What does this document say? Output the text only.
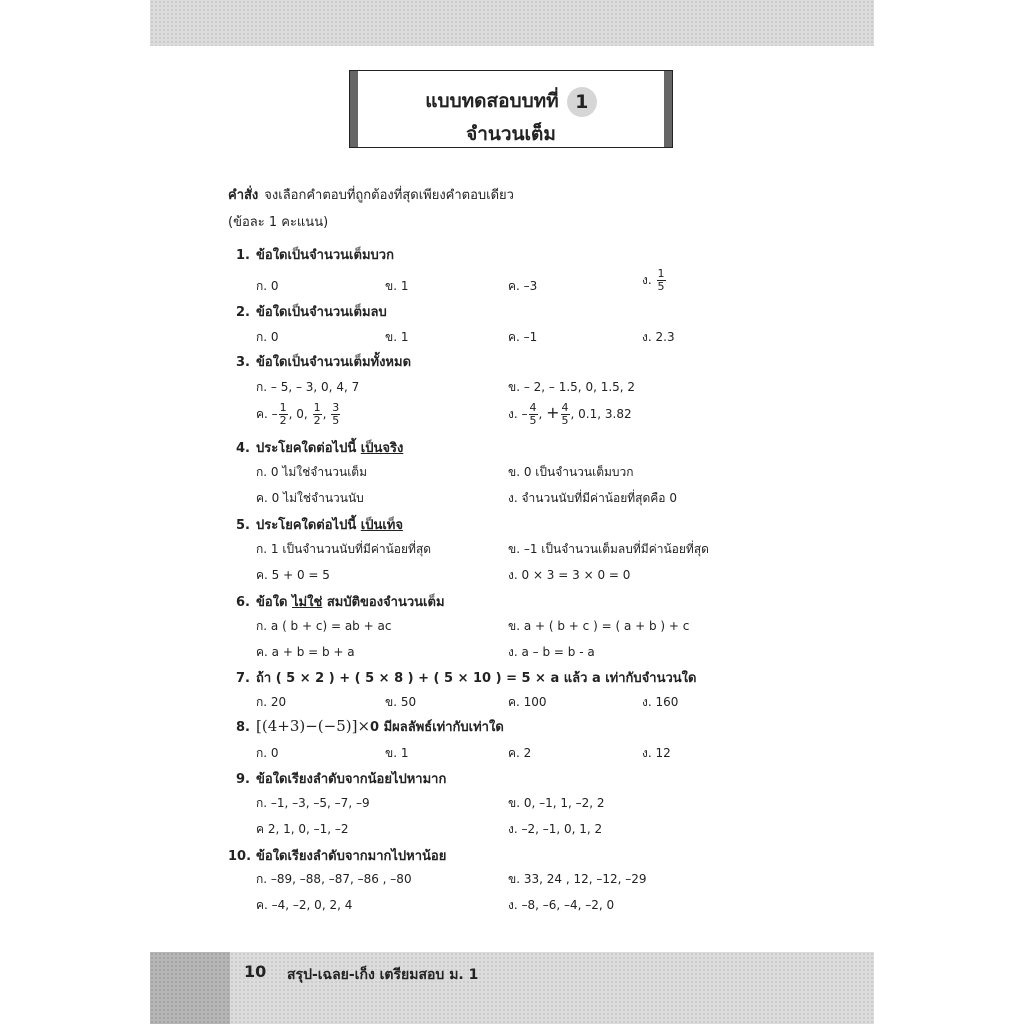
แบบทดสอบบทที่ 1
จำนวนเต็ม
คำสั่ง จงเลือกคำตอบที่ถูกต้องที่สุดเพียงคำตอบเดียว
(ข้อละ 1 คะแนน)
1. ข้อใดเป็นจำนวนเต็มบวก
ก. 0	ข. 1	ค. –3	ง. $\frac{1}{5}$
2. ข้อใดเป็นจำนวนเต็มลบ
ก. 0	ข. 1	ค. –1	ง. 2.3
3. ข้อใดเป็นจำนวนเต็มทั้งหมด
ก. – 5, – 3, 0, 4, 7	ข. – 2, – 1.5, 0, 1.5, 2
ค. – $\frac{1}{2}$ , 0, $\frac{1}{2}$ , $\frac{3}{5}$	ง. – $\frac{4}{5}$ , + $\frac{4}{5}$ , 0.1, 3.82
4. ประโยคใดต่อไปนี้ เป็นจริง
ก. 0 ไม่ใช่จำนวนเต็ม	ข. 0 เป็นจำนวนเต็มบวก
ค. 0 ไม่ใช่จำนวนนับ	ง. จำนวนนับที่มีค่าน้อยที่สุดคือ 0
5. ประโยคใดต่อไปนี้ เป็นเท็จ
ก. 1 เป็นจำนวนนับที่มีค่าน้อยที่สุด	ข. –1 เป็นจำนวนเต็มลบที่มีค่าน้อยที่สุด
ค. 5 + 0 = 5	ง. 0 × 3 = 3 × 0 = 0
6. ข้อใด ไม่ใช่ สมบัติของจำนวนเต็ม
ก. a ( b + c) = ab + ac	ข. a + ( b + c ) = ( a + b ) + c
ค. a + b = b + a	ง. a – b = b - a
7. ถ้า ( 5 × 2 ) + ( 5 × 8 ) + ( 5 × 10 ) = 5 × a แล้ว a เท่ากับจำนวนใด
ก. 20	ข. 50	ค. 100	ง. 160
8. [(4+3)−(−5)]×0 มีผลลัพธ์เท่ากับเท่าใด
ก. 0	ข. 1	ค. 2	ง. 12
9. ข้อใดเรียงลำดับจากน้อยไปหามาก
ก. –1, –3, –5, –7, –9	ข. 0, –1, 1, –2, 2
ค 2, 1, 0, –1, –2	ง. –2, –1, 0, 1, 2
10. ข้อใดเรียงลำดับจากมากไปหาน้อย
ก. –89, –88, –87, –86 , –80	ข. 33, 24 , 12, –12, –29
ค. –4, –2, 0, 2, 4	ง. –8, –6, –4, –2, 0
10 สรุป-เฉลย-เก็ง เตรียมสอบ ม. 1
